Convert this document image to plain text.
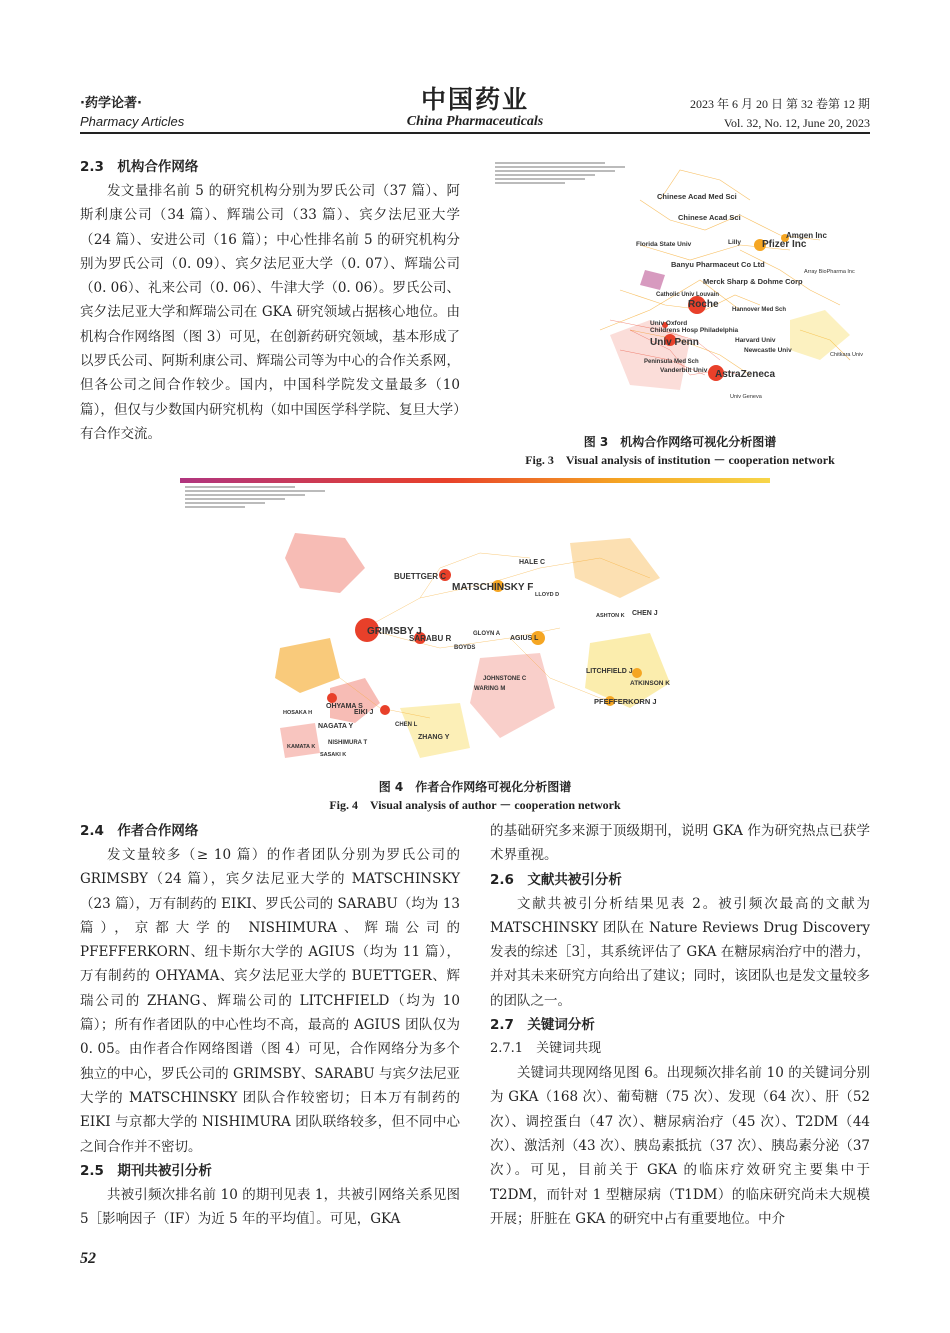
·药学论著·
Pharmacy Articles
中国药业
China Pharmaceuticals
2023 年 6 月 20 日 第 32 卷第 12 期
Vol. 32, No. 12, June 20, 2023
2.3　机构合作网络

发文量排名前 5 的研究机构分别为罗氏公司（37 篇）、阿斯利康公司（34 篇）、辉瑞公司（33 篇）、宾夕法尼亚大学（24 篇）、安进公司（16 篇）；中心性排名前 5 的研究机构分别为罗氏公司（0. 09）、宾夕法尼亚大学（0. 07）、辉瑞公司（0. 06）、礼来公司（0. 06）、牛津大学（0. 06）。罗氏公司、宾夕法尼亚大学和辉瑞公司在 GKA 研究领域占据核心地位。由机构合作网络图（图 3）可见，在创新药研究领域，基本形成了以罗氏公司、阿斯利康公司、辉瑞公司等为中心的合作关系网，但各公司之间合作较少。国内，中国科学院发文量最多（10 篇），但仅与少数国内研究机构（如中国医学科学院、复旦大学）有合作交流。

Chinese Acad Med Sci
Chinese Acad Sci
Florida State Univ	Lilly
Amgen Inc
Pfizer Inc
Array BioPharma Inc
Banyu Pharmaceut Co Ltd
Merck Sharp & Dohme Corp
Catholic Univ Louvain
Roche Hannover Med Sch
Univ Oxford
Childrens Hosp Philadelphia
Harvard Univ
Univ Penn
Newcastle Univ
Chitkara Univ
Peninsula Med Sch
Vanderbilt Univ AstraZeneca
Univ Geneva
图 3　机构合作网络可视化分析图谱
Fig. 3　Visual analysis of institution － cooperation network
GRIMSBY J
SARABU R
BUETTGER C
MATSCHINSKY F
HALE C
LLOYD D
CHEN J
ASHTON K
AGIUS L
GLOYN A
BOYDS
OHYAMA S
EIKI J
NAGATA Y
NISHIMURA T
ZHANG Y
CHEN L
LITCHFIELD J
ATKINSON K
PFEFFERKORN J
JOHNSTONE C
WARING M
HOSAKA H
KAMATA K
SASAKI K
图 4　作者合作网络可视化分析图谱
Fig. 4　Visual analysis of author － cooperation network
2.4　作者合作网络

发文量较多（≥ 10 篇）的作者团队分别为罗氏公司的 GRIMSBY（24 篇），宾夕法尼亚大学的 MATSCHINSKY（23 篇），万有制药的 EIKI、罗氏公司的 SARABU（均为 13 篇），京都大学的 NISHIMURA、辉瑞公司的 PFEFFERKORN、纽卡斯尔大学的 AGIUS（均为 11 篇），万有制药的 OHYAMA、宾夕法尼亚大学的 BUETTGER、辉瑞公司的 ZHANG、辉瑞公司的 LITCHFIELD（均为 10 篇）；所有作者团队的中心性均不高，最高的 AGIUS 团队仅为 0. 05。由作者合作网络图谱（图 4）可见，合作网络分为多个独立的中心，罗氏公司的 GRIMSBY、SARABU 与宾夕法尼亚大学的 MATSCHINSKY 团队合作较密切；日本万有制药的 EIKI 与京都大学的 NISHIMURA 团队联络较多，但不同中心之间合作并不密切。

2.5　期刊共被引分析

共被引频次排名前 10 的期刊见表 1，共被引网络关系见图 5［影响因子（IF）为近 5 年的平均值］。可见，GKA

的基础研究多来源于顶级期刊，说明 GKA 作为研究热点已获学术界重视。

2.6　文献共被引分析

文献共被引分析结果见表 2。被引频次最高的文献为 MATSCHINSKY 团队在 Nature Reviews Drug Discovery 发表的综述［3］，其系统评估了 GKA 在糖尿病治疗中的潜力，并对其未来研究方向给出了建议；同时，该团队也是发文量较多的团队之一。

2.7　关键词分析
2.7.1　关键词共现

关键词共现网络见图 6。出现频次排名前 10 的关键词分别为 GKA（168 次）、葡萄糖（75 次）、发现（64 次）、肝（52 次）、调控蛋白（47 次）、糖尿病治疗（45 次）、T2DM（44 次）、激活剂（43 次）、胰岛素抵抗（37 次）、胰岛素分泌（37 次）。可见，目前关于 GKA 的临床疗效研究主要集中于 T2DM，而针对 1 型糖尿病（T1DM）的临床研究尚未大规模开展；肝脏在 GKA 的研究中占有重要地位。中介

52
